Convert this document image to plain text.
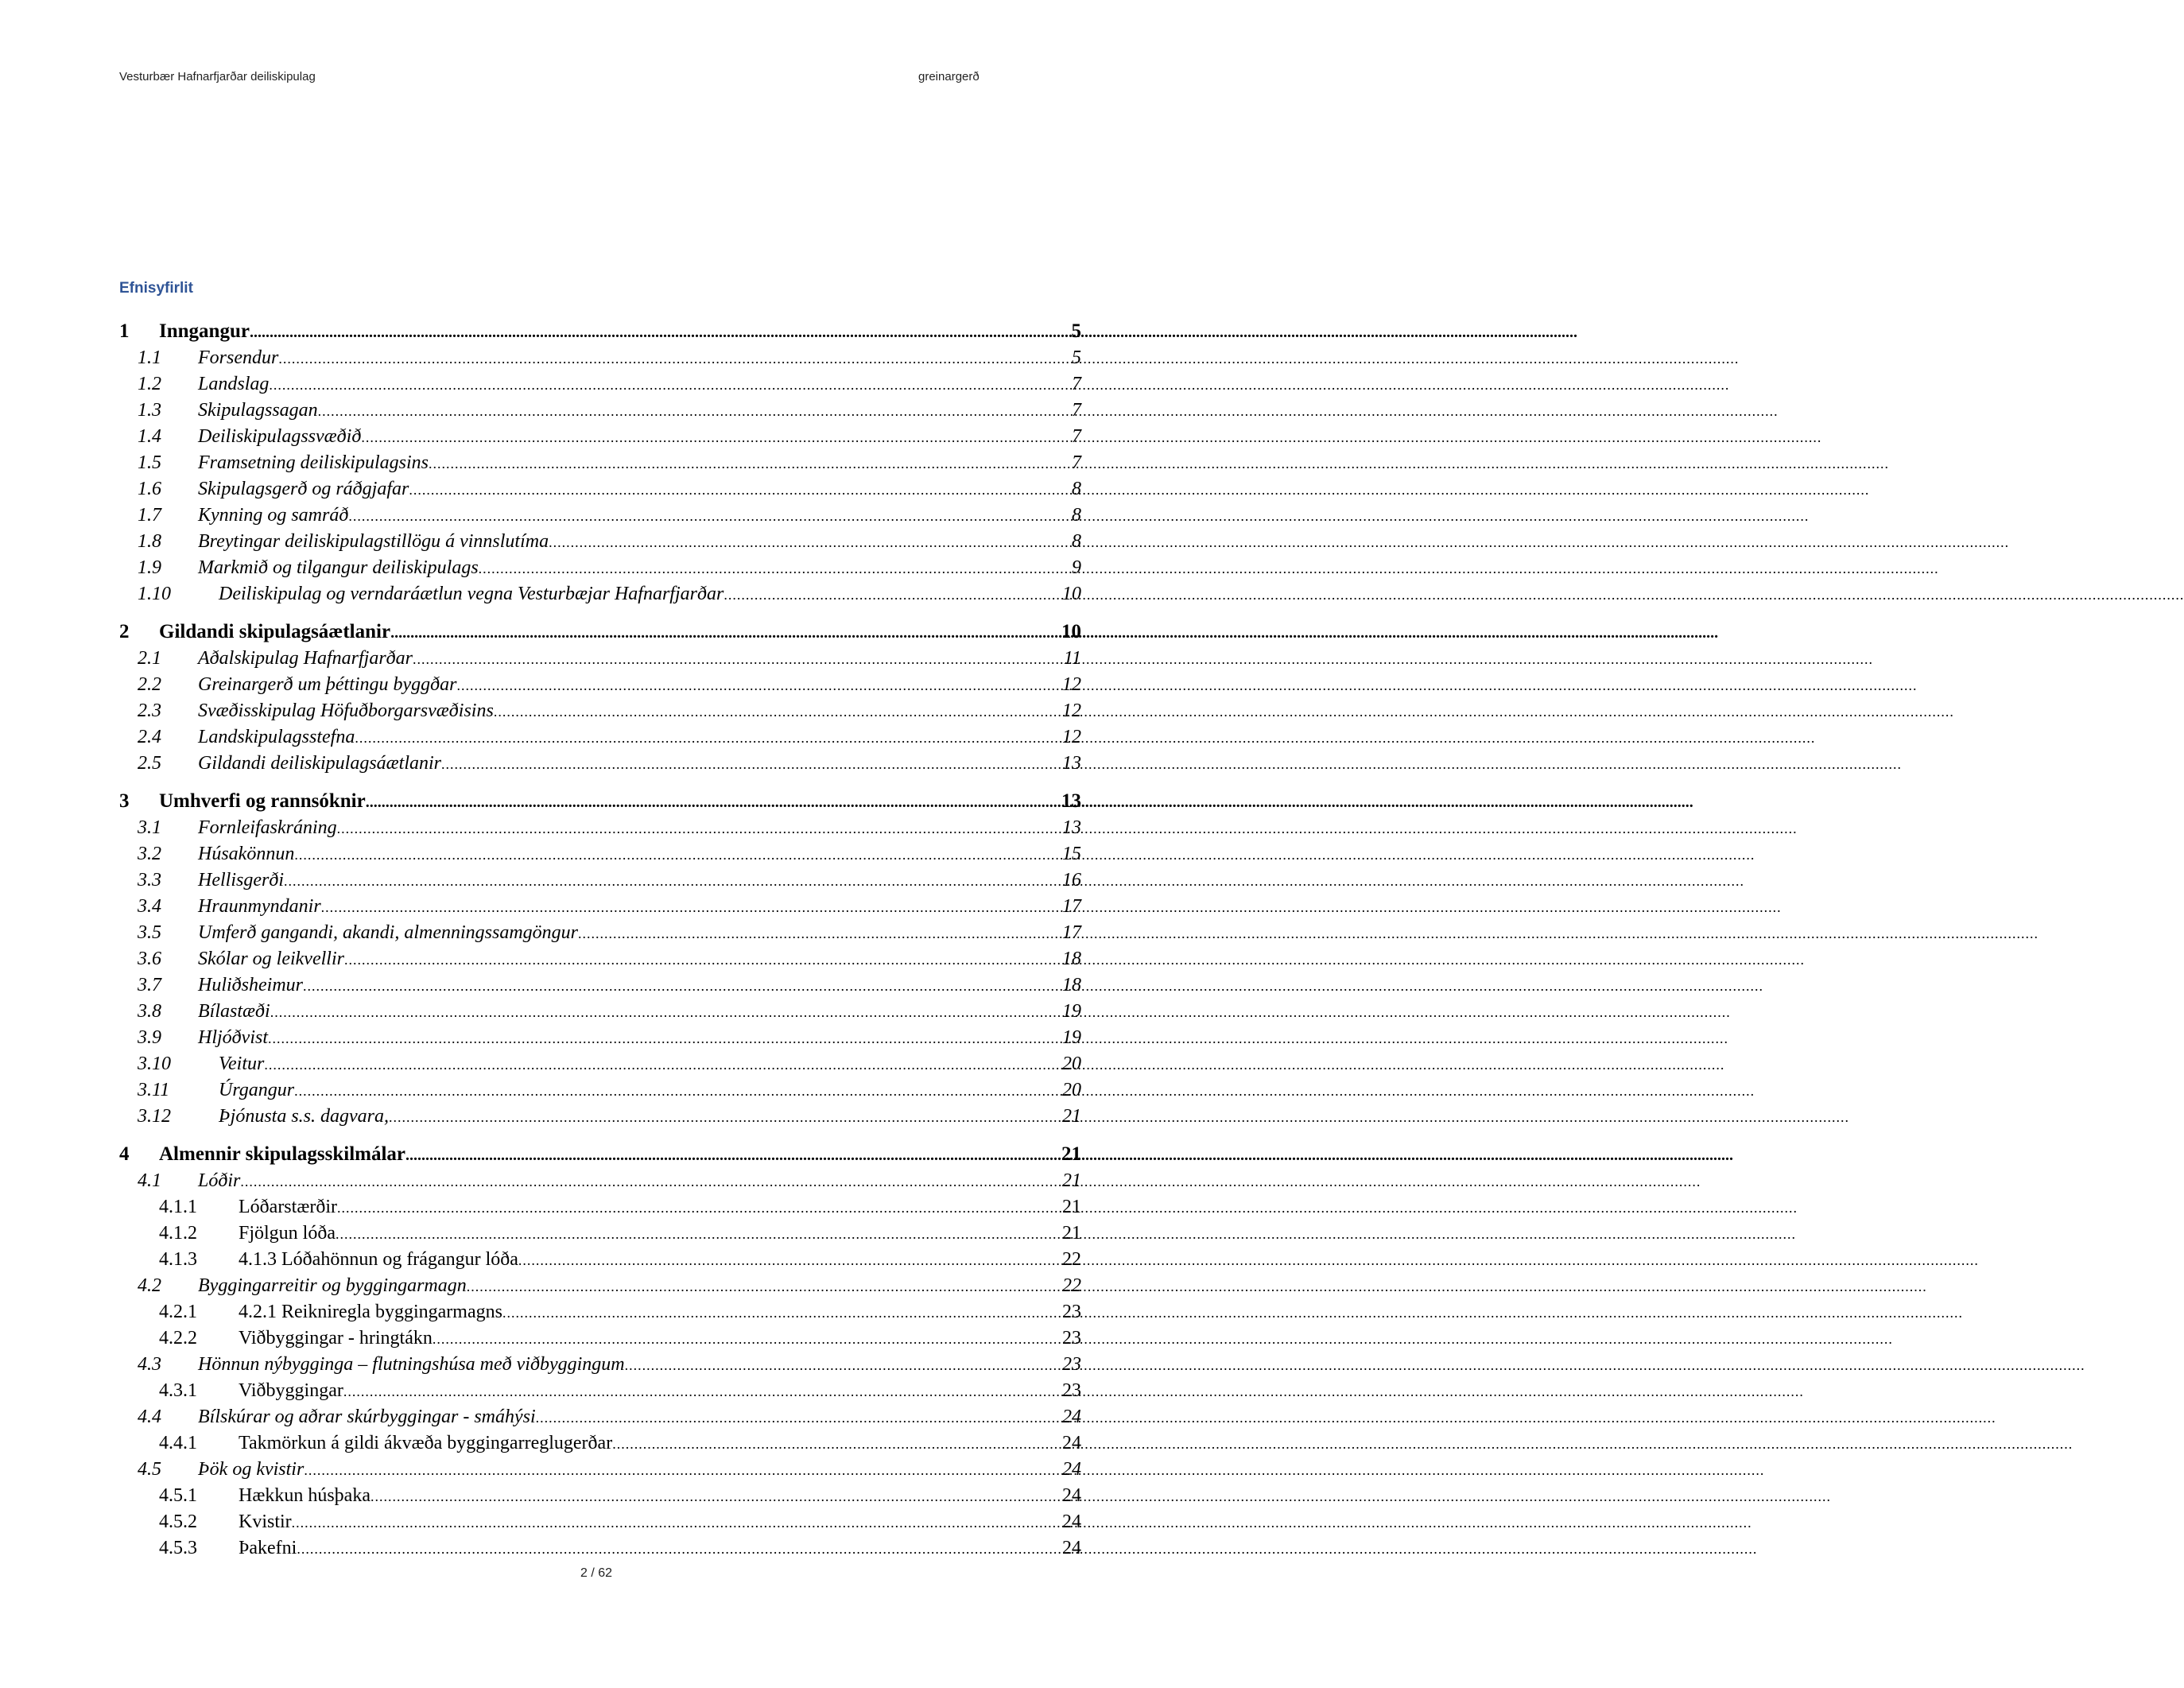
Vesturbær Hafnarfjarðar deiliskipulag	greinargerð
Efnisyfirlit
1	Inngangur .....	5
1.1	Forsendur .....	5
1.2	Landslag .....	7
1.3	Skipulagssagan .....	7
1.4	Deiliskipulagssvæðið .....	7
1.5	Framsetning deiliskipulagsins .....	7
1.6	Skipulagsgerð og ráðgjafar .....	8
1.7	Kynning og samráð .....	8
1.8	Breytingar deiliskipulagstillögu á vinnslutíma .....	8
1.9	Markmið og tilgangur deiliskipulags .....	9
1.10	Deiliskipulag og verndaráætlun vegna Vesturbæjar Hafnarfjarðar .....	10
2	Gildandi skipulagsáætlanir .....	10
2.1	Aðalskipulag Hafnarfjarðar .....	11
2.2	Greinargerð um þéttingu byggðar .....	12
2.3	Svæðisskipulag Höfuðborgarsvæðisins .....	12
2.4	Landskipulagsstefna .....	12
2.5	Gildandi deiliskipulagsáætlanir .....	13
3	Umhverfi og rannsóknir .....	13
3.1	Fornleifaskráning .....	13
3.2	Húsakönnun .....	15
3.3	Hellisgerði .....	16
3.4	Hraunmyndanir .....	17
3.5	Umferð gangandi, akandi, almenningssamgöngur .....	17
3.6	Skólar og leikvellir .....	18
3.7	Huliðsheimur .....	18
3.8	Bílastæði .....	19
3.9	Hljóðvist .....	19
3.10	Veitur .....	20
3.11	Úrgangur .....	20
3.12	Þjónusta s.s. dagvara, .....	21
4	Almennir skipulagsskilmálar .....	21
4.1	Lóðir .....	21
4.1.1	Lóðarstærðir .....	21
4.1.2	Fjölgun lóða .....	21
4.1.3	4.1.3 Lóðahönnun og frágangur lóða .....	22
4.2	Byggingarreitir og byggingarmagn .....	22
4.2.1	4.2.1 Reikniregla byggingarmagns .....	23
4.2.2	Viðbyggingar - hringtákn .....	23
4.3	Hönnun nýbygginga – flutningshúsa með viðbyggingum .....	23
4.3.1	Viðbyggingar .....	23
4.4	Bílskúrar og aðrar skúrbyggingar - smáhýsi .....	24
4.4.1	Takmörkun á gildi ákvæða byggingarreglugerðar .....	24
4.5	Þök og kvistir .....	24
4.5.1	Hækkun húsþaka .....	24
4.5.2	Kvistir .....	24
4.5.3	Þakefni .....	24
2 / 62
